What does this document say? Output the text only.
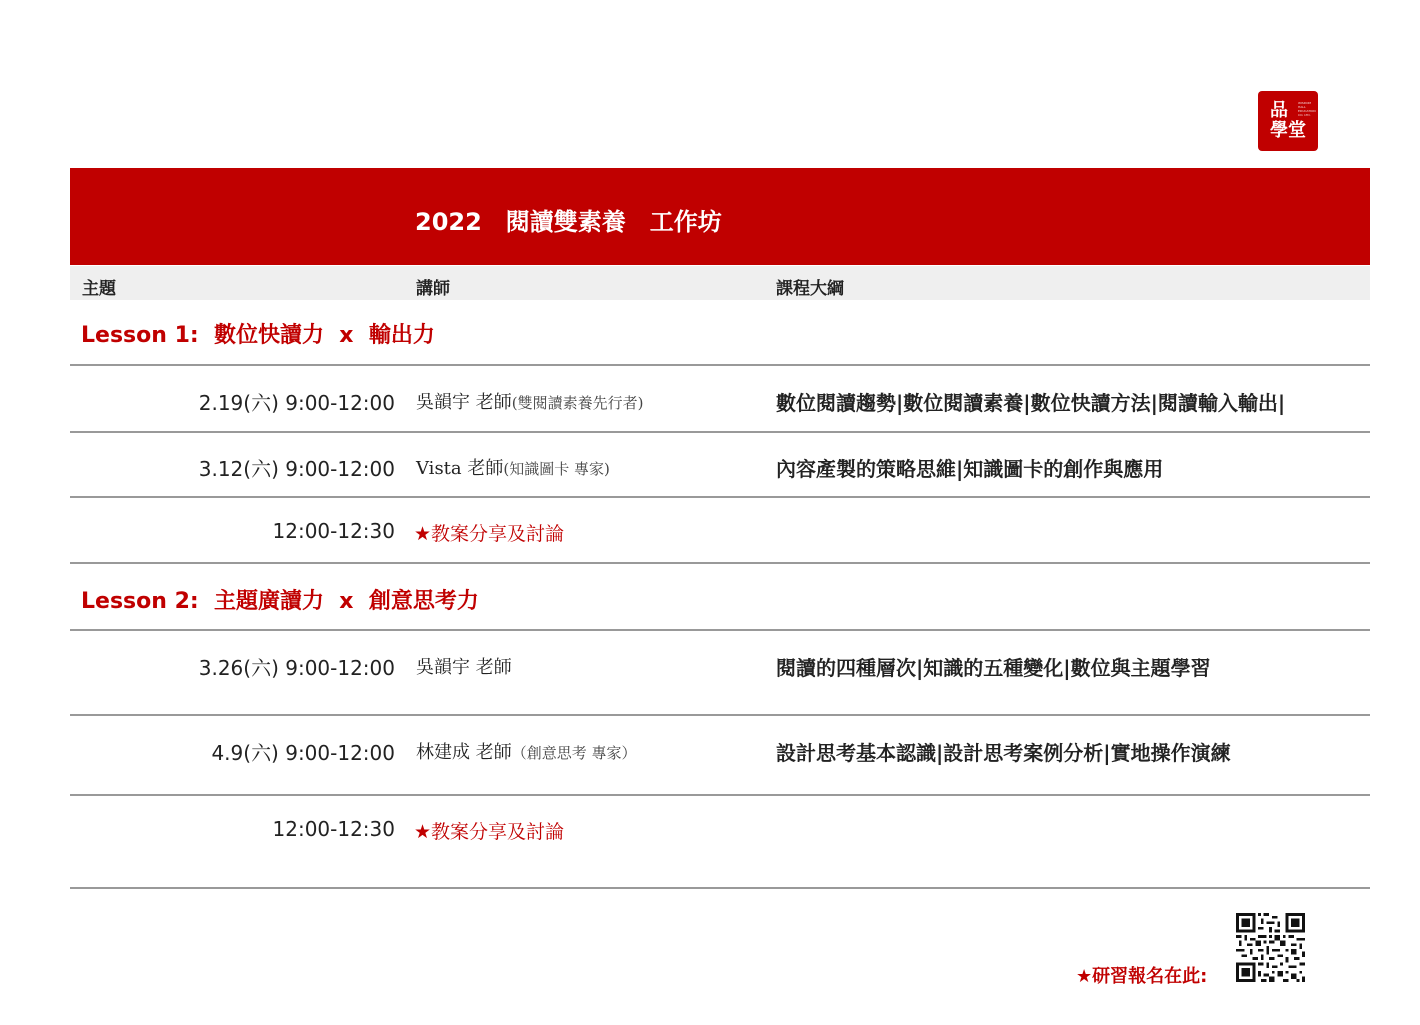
品
學堂
WISDOM HALL EDUCATION CO. LTD.
2022　閱讀雙素養　工作坊
主題	講師	課程大綱
Lesson 1:  數位快讀力  x  輸出力
2.19(六) 9:00-12:00 吳韻宇 老師(雙閱讀素養先行者)	數位閱讀趨勢|數位閱讀素養|數位快讀方法|閱讀輸入輸出|
3.12(六) 9:00-12:00 Vista 老師(知識圖卡 專家)	內容產製的策略思維|知識圖卡的創作與應用
12:00-12:30 ★教案分享及討論
Lesson 2:  主題廣讀力  x  創意思考力
3.26(六) 9:00-12:00 吳韻宇 老師	閱讀的四種層次|知識的五種變化|數位與主題學習
4.9(六) 9:00-12:00 林建成 老師（創意思考 專家）	設計思考基本認識|設計思考案例分析|實地操作演練
12:00-12:30 ★教案分享及討論
★研習報名在此:
